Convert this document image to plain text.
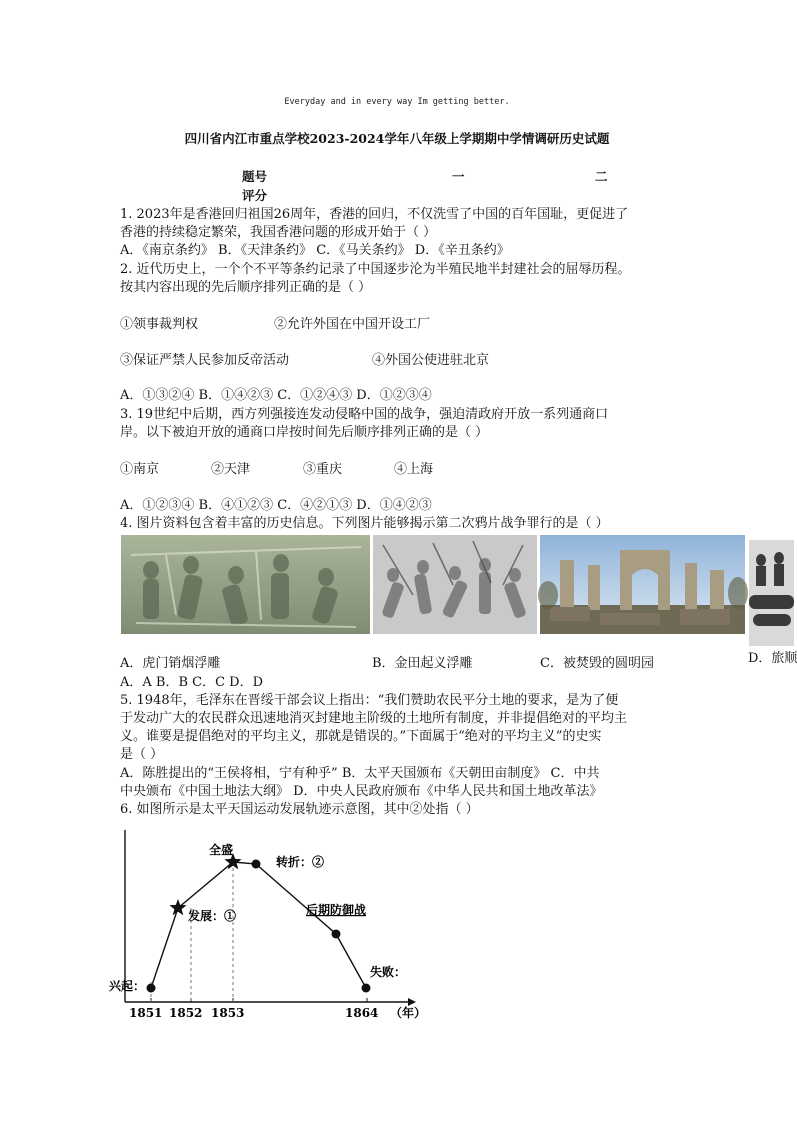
Everyday and in every way Im getting better.
四川省内江市重点学校2023-2024学年八年级上学期期中学情调研历史试题
题号	一	二
评分
1. 2023年是香港回归祖国26周年，香港的回归，不仅洗雪了中国的百年国耻，更促进了
香港的持续稳定繁荣，我国香港问题的形成开始于（ ）
A．《南京条约》 B．《天津条约》 C．《马关条约》 D．《辛丑条约》
2. 近代历史上，一个个不平等条约记录了中国逐步沦为半殖民地半封建社会的屈辱历程。
按其内容出现的先后顺序排列正确的是（ ）
①领事裁判权	②允许外国在中国开设工厂
③保证严禁人民参加反帝活动	④外国公使进驻北京
A．①③②④ B．①④②③ C．①②④③ D．①②③④
3. 19世纪中后期，西方列强接连发动侵略中国的战争，强迫清政府开放一系列通商口
岸。以下被迫开放的通商口岸按时间先后顺序排列正确的是（ ）
①南京	②天津	③重庆	④上海
A．①②③④ B．④①②③ C．④②①③ D．①④②③
4. 图片资料包含着丰富的历史信息。下列图片能够揭示第二次鸦片战争罪行的是（ ）
A．虎门销烟浮雕	B．金田起义浮雕	C．被焚毁的圆明园	D．旅顺
A．A B．B C．C D．D
5. 1948年，毛泽东在晋绥干部会议上指出：“我们赞助农民平分土地的要求，是为了便
于发动广大的农民群众迅速地消灭封建地主阶级的土地所有制度，并非提倡绝对的平均主
义。谁要是提倡绝对的平均主义，那就是错误的。”下面属于“绝对的平均主义”的史实
是（ ）
A．陈胜提出的“王侯将相，宁有种乎” B．太平天国颁布《天朝田亩制度》 C．中共
中央颁布《中国土地法大纲》 D．中央人民政府颁布《中华人民共和国土地改革法》
6. 如图所示是太平天国运动发展轨迹示意图，其中②处指（ ）
1851 1852 1853	1864 （年）
兴起：
发展：①
全盛
转折：②
后期防御战
失败：
